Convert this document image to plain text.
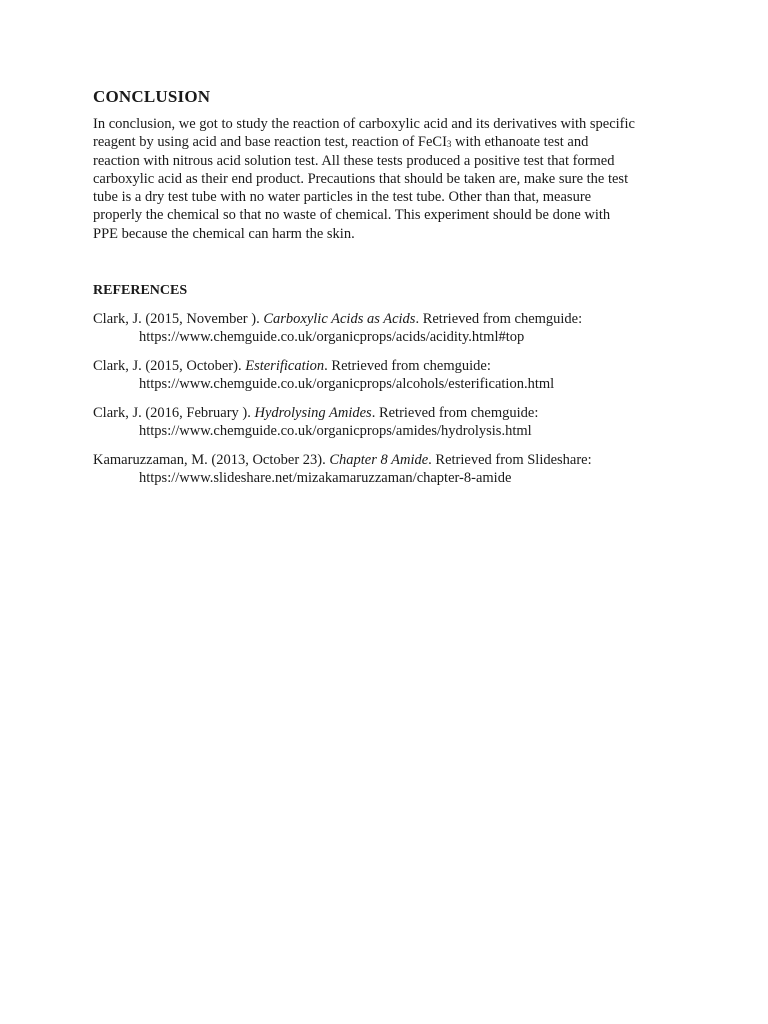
CONCLUSION

In conclusion, we got to study the reaction of carboxylic acid and its derivatives with specific
reagent by using acid and base reaction test, reaction of FeCI$_3$ with ethanoate test and
reaction with nitrous acid solution test. All these tests produced a positive test that formed
carboxylic acid as their end product. Precautions that should be taken are, make sure the test
tube is a dry test tube with no water particles in the test tube. Other than that, measure
properly the chemical so that no waste of chemical. This experiment should be done with
PPE because the chemical can harm the skin.

REFERENCES

Clark, J. (2015, November ). Carboxylic Acids as Acids. Retrieved from chemguide:
https://www.chemguide.co.uk/organicprops/acids/acidity.html#top

Clark, J. (2015, October). Esterification. Retrieved from chemguide:
https://www.chemguide.co.uk/organicprops/alcohols/esterification.html

Clark, J. (2016, February ). Hydrolysing Amides. Retrieved from chemguide:
https://www.chemguide.co.uk/organicprops/amides/hydrolysis.html

Kamaruzzaman, M. (2013, October 23). Chapter 8 Amide. Retrieved from Slideshare:
https://www.slideshare.net/mizakamaruzzaman/chapter-8-amide
